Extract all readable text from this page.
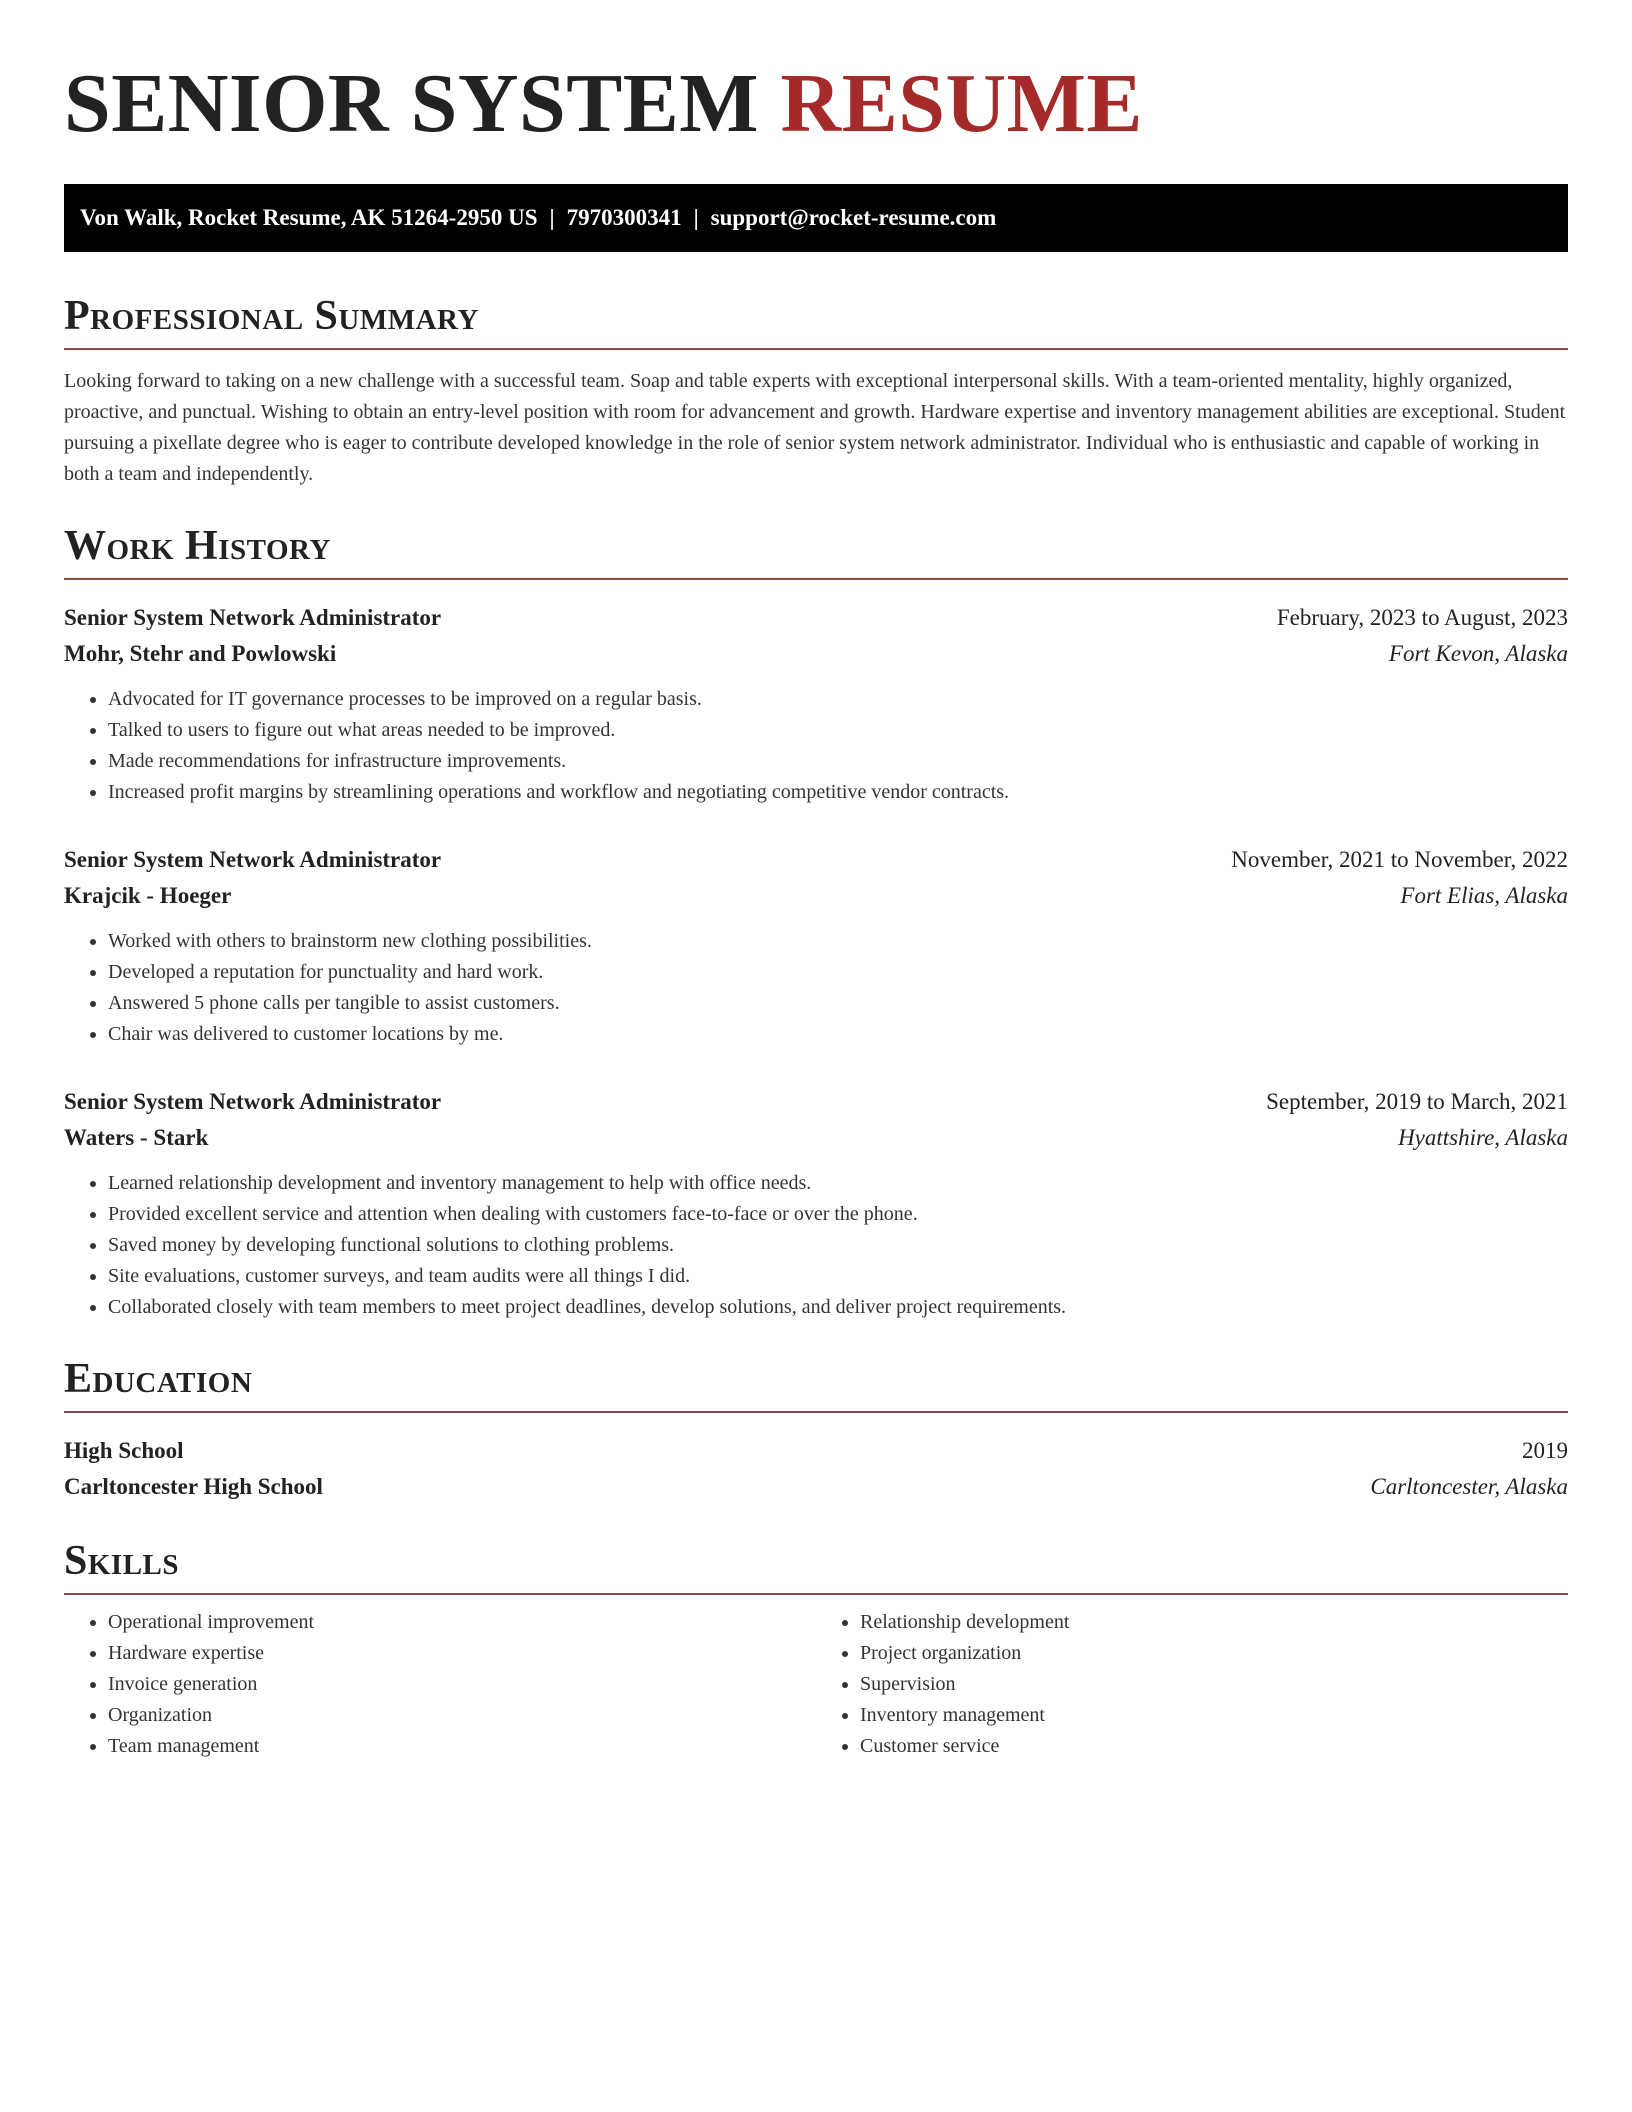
SENIOR SYSTEM RESUME
Von Walk, Rocket Resume, AK 51264-2950 US | 7970300341 | support@rocket-resume.com
Professional Summary

Looking forward to taking on a new challenge with a successful team. Soap and table experts with exceptional interpersonal skills. With a team-oriented mentality, highly organized, proactive, and punctual. Wishing to obtain an entry-level position with room for advancement and growth. Hardware expertise and inventory management abilities are exceptional. Student pursuing a pixellate degree who is eager to contribute developed knowledge in the role of senior system network administrator. Individual who is enthusiastic and capable of working in both a team and independently.

Work History
Senior System Network Administrator	February, 2023 to August, 2023
Mohr, Stehr and Powlowski	Fort Kevon, Alaska
• Advocated for IT governance processes to be improved on a regular basis.
• Talked to users to figure out what areas needed to be improved.
• Made recommendations for infrastructure improvements.
• Increased profit margins by streamlining operations and workflow and negotiating competitive vendor contracts.
Senior System Network Administrator	November, 2021 to November, 2022
Krajcik - Hoeger	Fort Elias, Alaska
• Worked with others to brainstorm new clothing possibilities.
• Developed a reputation for punctuality and hard work.
• Answered 5 phone calls per tangible to assist customers.
• Chair was delivered to customer locations by me.
Senior System Network Administrator	September, 2019 to March, 2021
Waters - Stark	Hyattshire, Alaska
• Learned relationship development and inventory management to help with office needs.
• Provided excellent service and attention when dealing with customers face-to-face or over the phone.
• Saved money by developing functional solutions to clothing problems.
• Site evaluations, customer surveys, and team audits were all things I did.
• Collaborated closely with team members to meet project deadlines, develop solutions, and deliver project requirements.
Education
High School	2019
Carltoncester High School	Carltoncester, Alaska
Skills
• Operational improvement
• Hardware expertise
• Invoice generation
• Organization
• Team management
• Relationship development
• Project organization
• Supervision
• Inventory management
• Customer service
